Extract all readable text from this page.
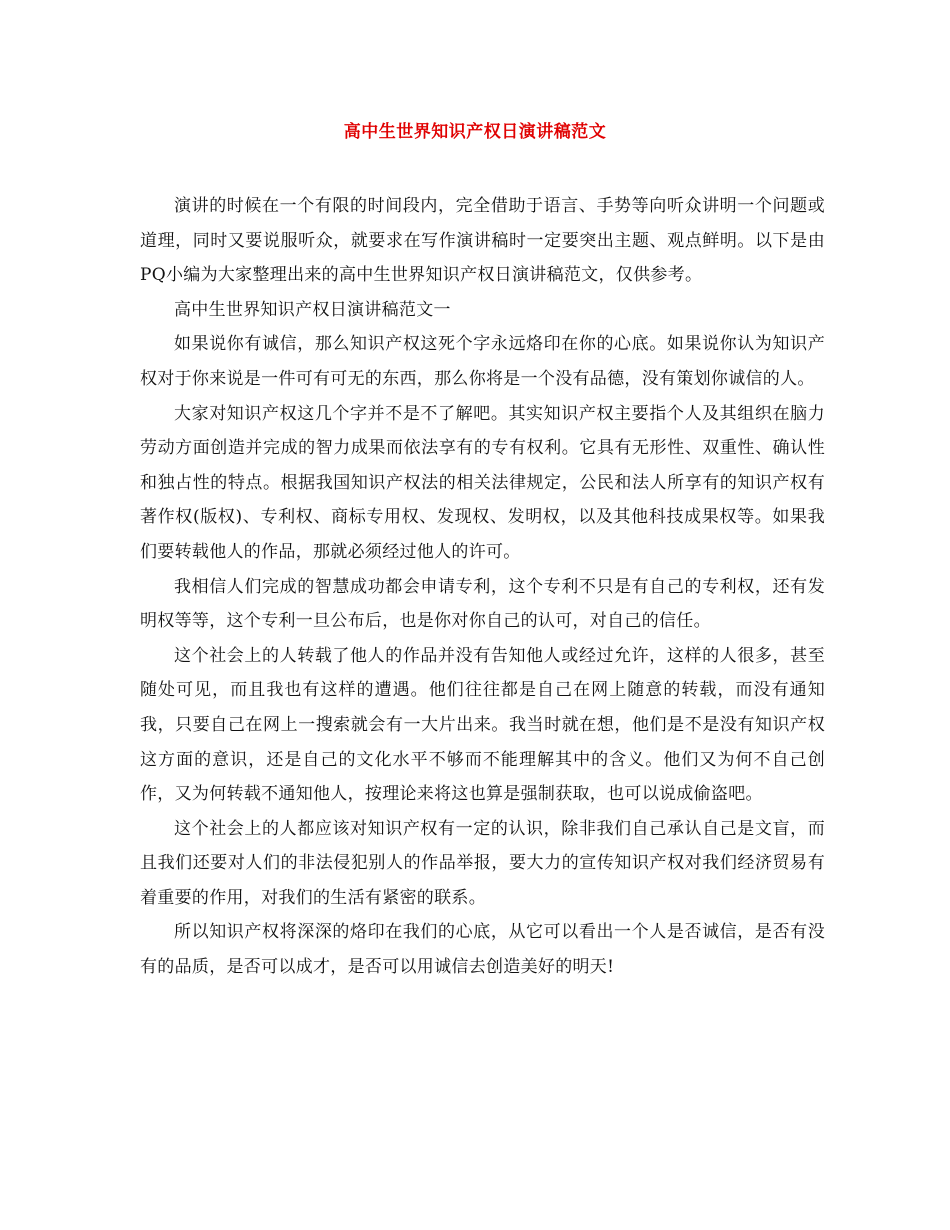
高中生世界知识产权日演讲稿范文

演讲的时候在一个有限的时间段内，完全借助于语言、手势等向听众讲明一个问题或道理，同时又要说服听众，就要求在写作演讲稿时一定要突出主题、观点鲜明。以下是由PQ小编为大家整理出来的高中生世界知识产权日演讲稿范文，仅供参考。

高中生世界知识产权日演讲稿范文一

如果说你有诚信，那么知识产权这死个字永远烙印在你的心底。如果说你认为知识产权对于你来说是一件可有可无的东西，那么你将是一个没有品德，没有策划你诚信的人。

大家对知识产权这几个字并不是不了解吧。其实知识产权主要指个人及其组织在脑力劳动方面创造并完成的智力成果而依法享有的专有权利。它具有无形性、双重性、确认性和独占性的特点。根据我国知识产权法的相关法律规定，公民和法人所享有的知识产权有著作权(版权)、专利权、商标专用权、发现权、发明权，以及其他科技成果权等。如果我们要转载他人的作品，那就必须经过他人的许可。

我相信人们完成的智慧成功都会申请专利，这个专利不只是有自己的专利权，还有发明权等等，这个专利一旦公布后，也是你对你自己的认可，对自己的信任。

这个社会上的人转载了他人的作品并没有告知他人或经过允许，这样的人很多，甚至随处可见，而且我也有这样的遭遇。他们往往都是自己在网上随意的转载，而没有通知我，只要自己在网上一搜索就会有一大片出来。我当时就在想，他们是不是没有知识产权这方面的意识，还是自己的文化水平不够而不能理解其中的含义。他们又为何不自己创作，又为何转载不通知他人，按理论来将这也算是强制获取，也可以说成偷盗吧。

这个社会上的人都应该对知识产权有一定的认识，除非我们自己承认自己是文盲，而且我们还要对人们的非法侵犯别人的作品举报，要大力的宣传知识产权对我们经济贸易有着重要的作用，对我们的生活有紧密的联系。

所以知识产权将深深的烙印在我们的心底，从它可以看出一个人是否诚信，是否有没有的品质，是否可以成才，是否可以用诚信去创造美好的明天!
